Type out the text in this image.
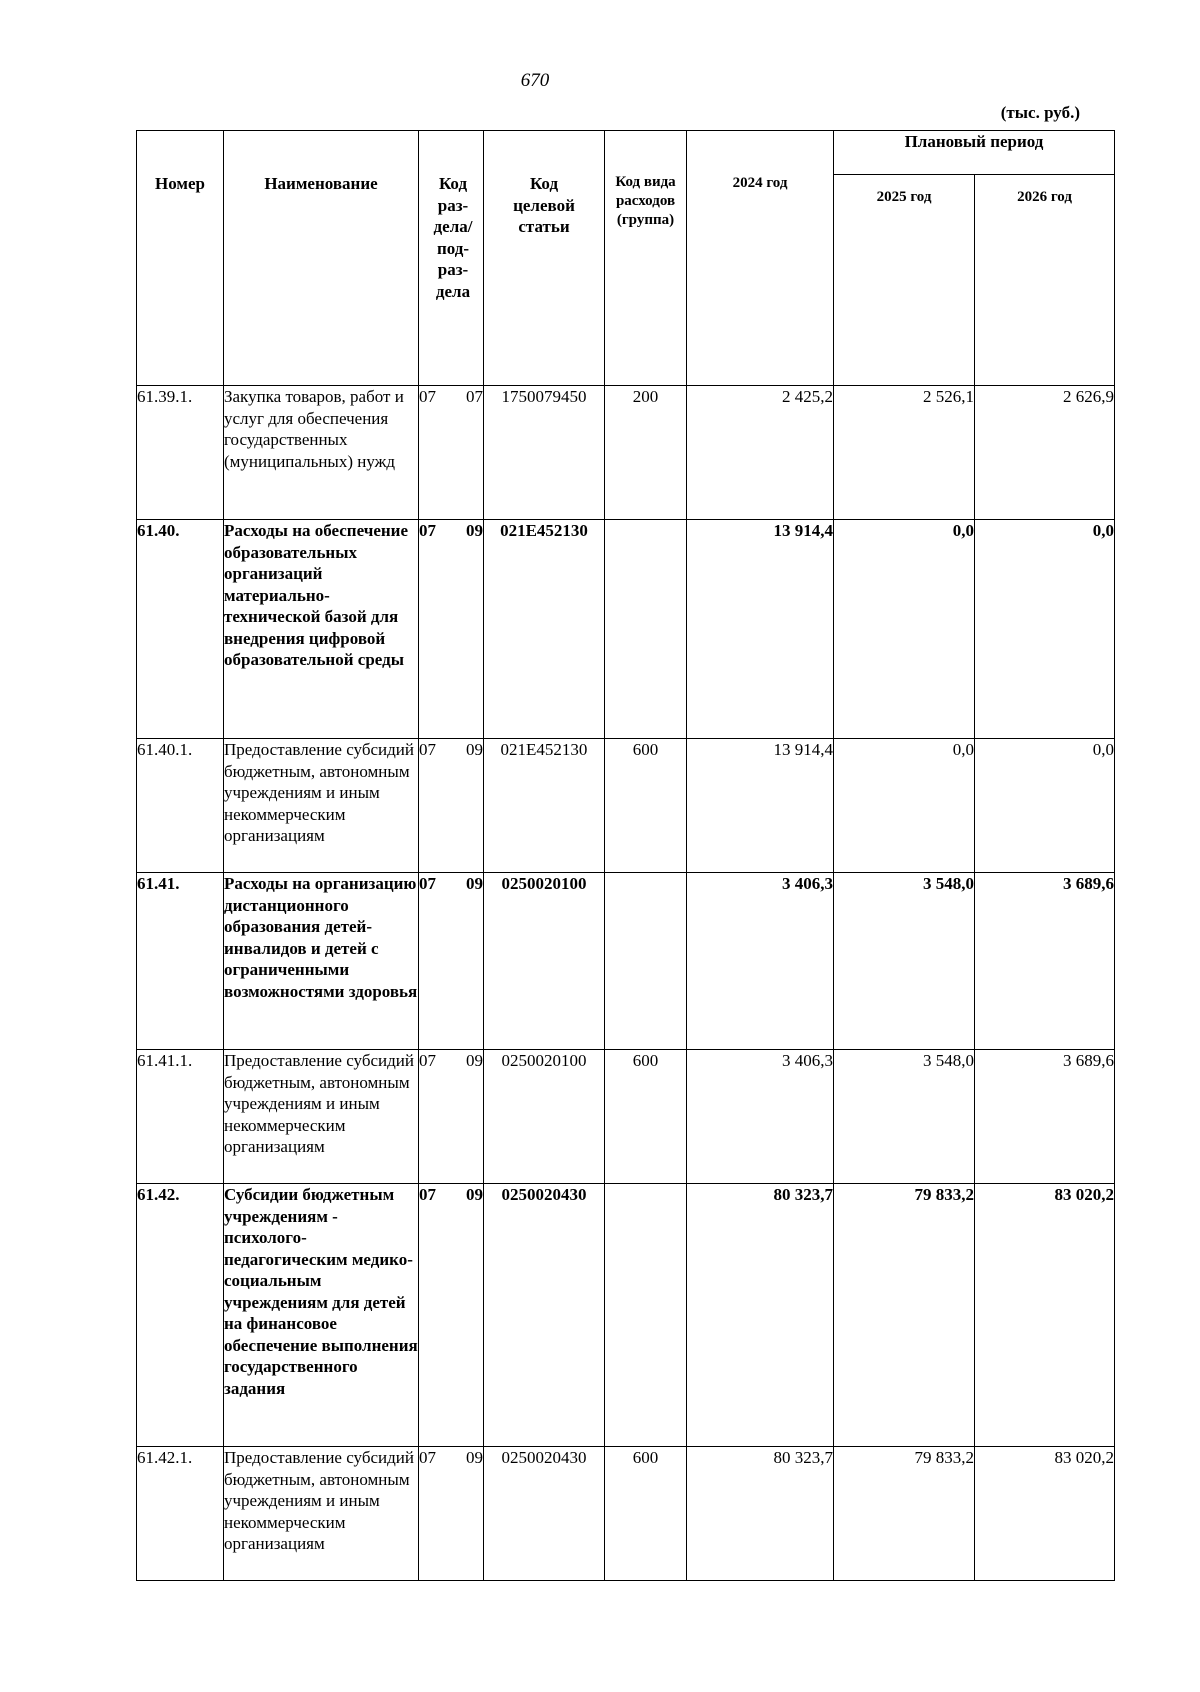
670
(тыс. руб.)
Номер	Наименование	Код раз-дела/ под-раз-дела	Код целевой статьи	Код вида расходов (группа)	2024 год	Плановый период	
						2025 год	2026 год
61.39.1.	Закупка товаров, работ и услуг для обеспечения государственных (муниципальных) нужд	07 07	1750079450	200	2 425,2	2 526,1	2 626,9
61.40.	Расходы на обеспечение образовательных организаций материально-технической базой для внедрения цифровой образовательной среды	07 09	021E452130		13 914,4	0,0	0,0
61.40.1.	Предоставление субсидий бюджетным, автономным учреждениям и иным некоммерческим организациям	07 09	021E452130	600	13 914,4	0,0	0,0
61.41.	Расходы на организацию дистанционного образования детей-инвалидов и детей с ограниченными возможностями здоровья	07 09	0250020100		3 406,3	3 548,0	3 689,6
61.41.1.	Предоставление субсидий бюджетным, автономным учреждениям и иным некоммерческим организациям	07 09	0250020100	600	3 406,3	3 548,0	3 689,6
61.42.	Субсидии бюджетным учреждениям - психолого-педагогическим медико-социальным учреждениям для детей на финансовое обеспечение выполнения государственного задания	07 09	0250020430		80 323,7	79 833,2	83 020,2
61.42.1.	Предоставление субсидий бюджетным, автономным учреждениям и иным некоммерческим организациям	07 09	0250020430	600	80 323,7	79 833,2	83 020,2
